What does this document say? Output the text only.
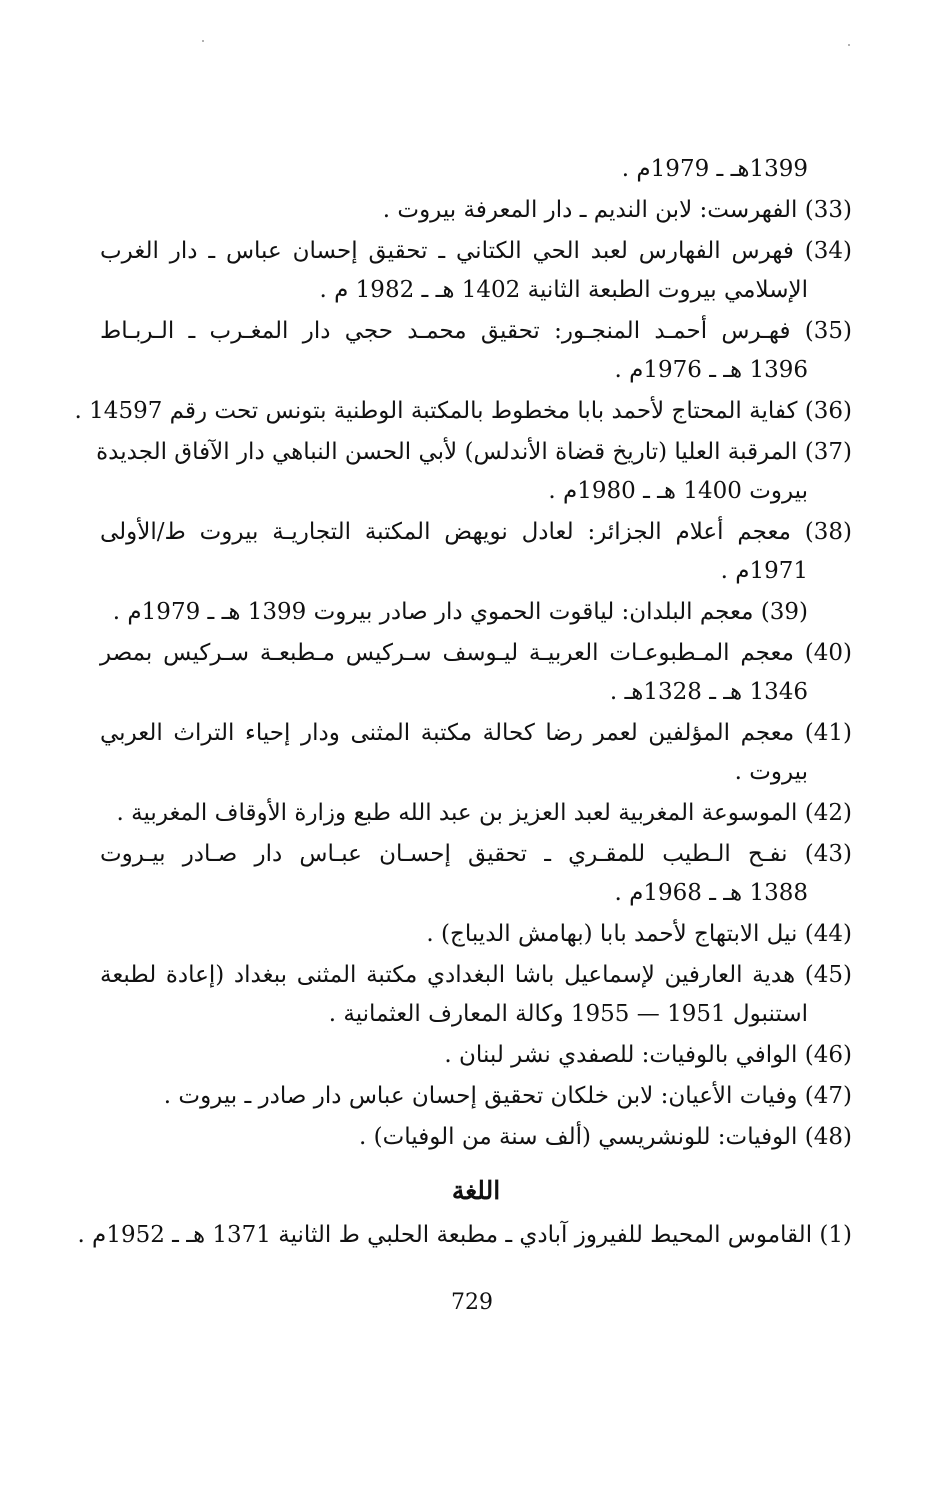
1399هـ ـ 1979م .
(33) الفهرست: لابن النديم ـ دار المعرفة بيروت .
(34) فهرس الفهارس لعبد الحي الكتاني ـ تحقيق إحسان عباس ـ دار الغرب
الإسلامي بيروت الطبعة الثانية 1402 هـ ـ 1982 م .
(35) فهـرس أحمـد المنجـور: تحقيق محمـد حجي دار المغـرب ـ الـربـاط
1396 هـ ـ 1976م .
(36) كفاية المحتاج لأحمد بابا مخطوط بالمكتبة الوطنية بتونس تحت رقم 14597 .
(37) المرقبة العليا (تاريخ قضاة الأندلس) لأبي الحسن النباهي دار الآفاق الجديدة
بيروت 1400 هـ ـ 1980م .
(38) معجم أعلام الجزائر: لعادل نويهض المكتبة التجاريـة بيروت ط/الأولى
1971م .
(39) معجم البلدان: لياقوت الحموي دار صادر بيروت 1399 هـ ـ 1979م .
(40) معجم المـطبوعـات العربيـة ليـوسف سـركيس مـطبعـة سـركيس بمصر
1346 هـ ـ 1328هـ .
(41) معجم المؤلفين لعمر رضا كحالة مكتبة المثنى ودار إحياء التراث العربي
بيروت .
(42) الموسوعة المغربية لعبد العزيز بن عبد الله طبع وزارة الأوقاف المغربية .
(43) نفـح الـطيب للمقـري ـ تحقيق إحسـان عبـاس دار صـادر بيـروت
1388 هـ ـ 1968م .
(44) نيل الابتهاج لأحمد بابا (بهامش الديباج) .
(45) هدية العارفين لإسماعيل باشا البغدادي مكتبة المثنى ببغداد (إعادة لطبعة
استنبول 1951 — 1955 وكالة المعارف العثمانية .
(46) الوافي بالوفيات: للصفدي نشر لبنان .
(47) وفيات الأعيان: لابن خلكان تحقيق إحسان عباس دار صادر ـ بيروت .
(48) الوفيات: للونشريسي (ألف سنة من الوفيات) .
اللغة
(1) القاموس المحيط للفيروز آبادي ـ مطبعة الحلبي ط الثانية 1371 هـ ـ 1952م .
729
